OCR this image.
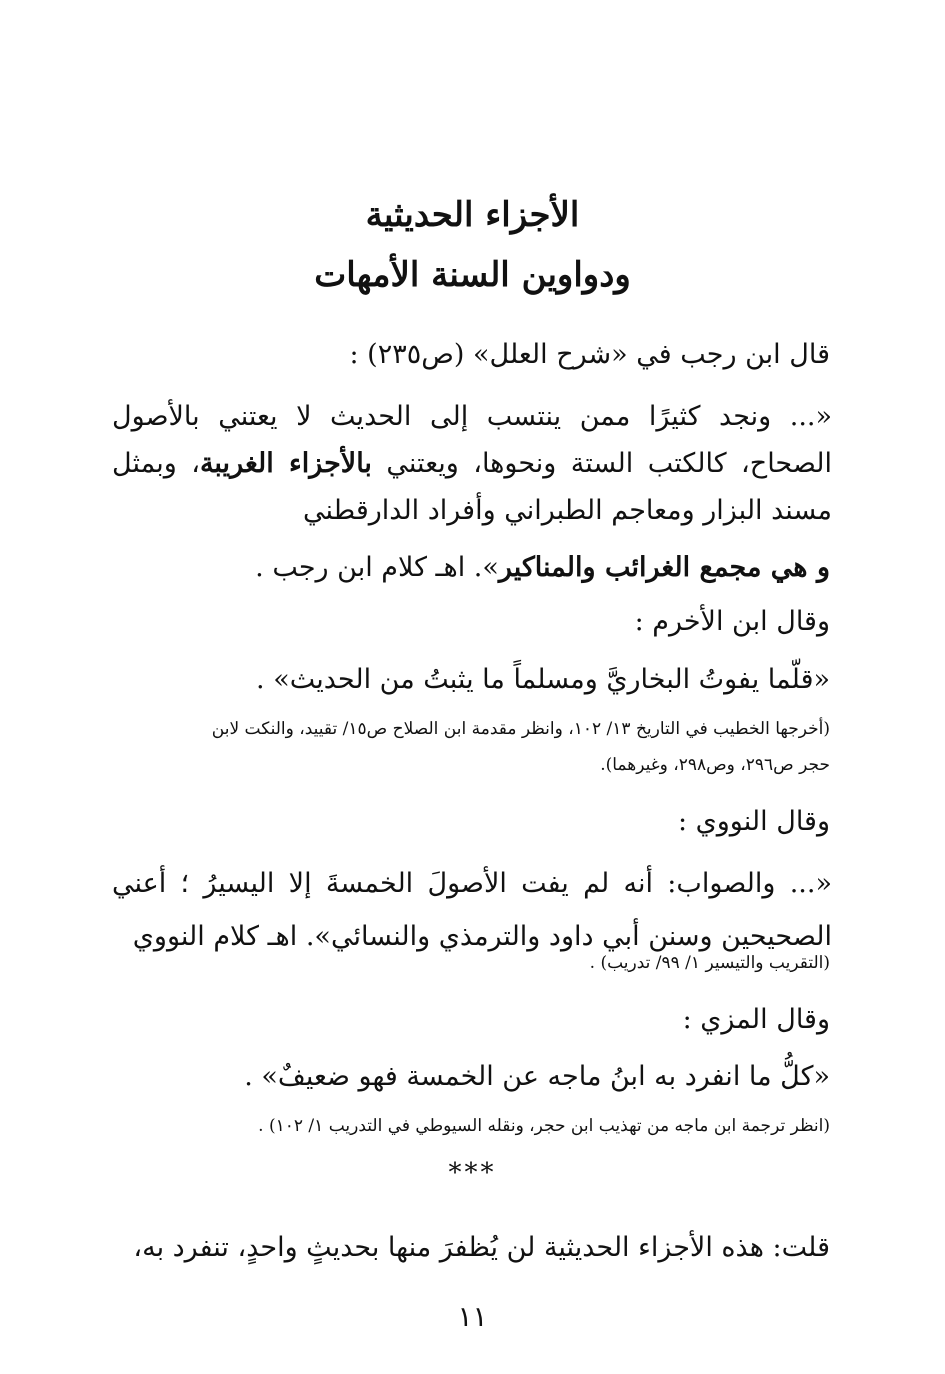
الأجزاء الحديثية
ودواوين السنة الأمهات
قال ابن رجب في «شرح العلل» (ص٢٣٥) :
«... ونجد كثيرًا ممن ينتسب إلى الحديث لا يعتني بالأصول الصحاح، كالكتب الستة ونحوها، ويعتني بالأجزاء الغريبة، وبمثل مسند البزار ومعاجم الطبراني وأفراد الدارقطني
و هي مجمع الغرائب والمناكير». اهـ كلام ابن رجب .
وقال ابن الأخرم :
«قلّما يفوتُ البخاريَّ ومسلماً ما يثبتُ من الحديث» .
(أخرجها الخطيب في التاريخ ١٣/ ١٠٢، وانظر مقدمة ابن الصلاح ص١٥/ تقييد، والنكت لابن
حجر ص٢٩٦، وص٢٩٨، وغيرهما).
وقال النووي :
«... والصواب: أنه لم يفت الأصولَ الخمسةَ إلا اليسيرُ ؛ أعني الصحيحين وسنن أبي داود والترمذي والنسائي». اهـ كلام النووي
(التقريب والتيسير ١/ ٩٩/ تدريب) .
وقال المزي :
«كلُّ ما انفرد به ابنُ ماجه عن الخمسة فهو ضعيفٌ» .
(انظر ترجمة ابن ماجه من تهذيب ابن حجر، ونقله السيوطي في التدريب ١/ ١٠٢) .
***
قلت: هذه الأجزاء الحديثية لن يُظفرَ منها بحديثٍ واحدٍ، تنفرد به،
١١
